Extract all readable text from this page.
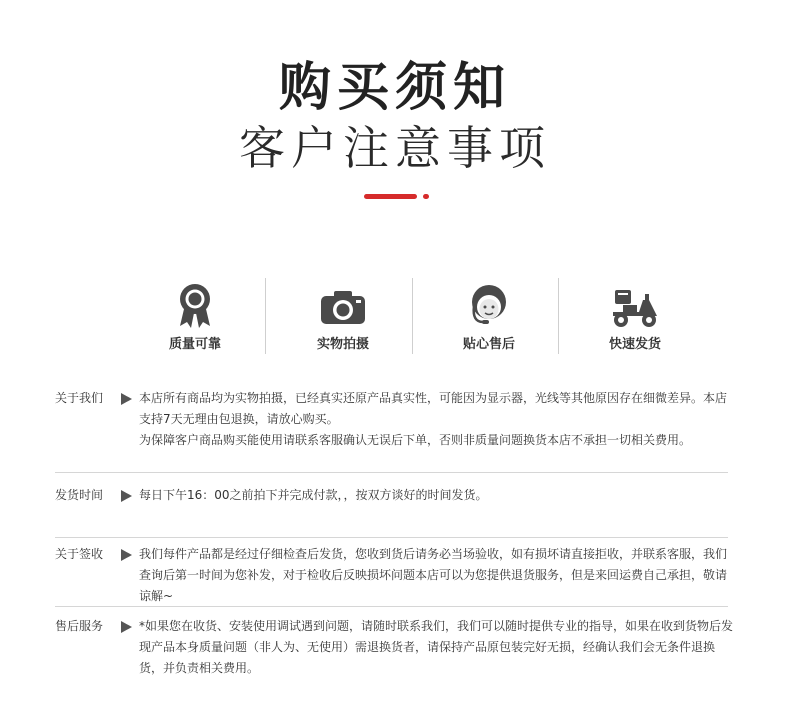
购买须知
客户注意事项
质量可靠	实物拍摄	贴心售后	快速发货
关于我们	本店所有商品均为实物拍摄，已经真实还原产品真实性，可能因为显示器，光线等其他原因存在细微差异。本店支持7天无理由包退换，请放心购买。

为保障客户商品购买能使用请联系客服确认无误后下单，否则非质量问题换货本店不承担一切相关费用。

发货时间	每日下午16：00之前拍下并完成付款，，按双方谈好的时间发货。

关于签收	我们每件产品都是经过仔细检查后发货，您收到货后请务必当场验收，如有损坏请直接拒收，并联系客服，我们查询后第一时间为您补发，对于检收后反映损坏问题本店可以为您提供退货服务，但是来回运费自己承担，敬请谅解~

售后服务	*如果您在收货、安装使用调试遇到问题，请随时联系我们，我们可以随时提供专业的指导，如果在收到货物后发现产品本身质量问题（非人为、无使用）需退换货者，请保持产品原包装完好无损，经确认我们会无条件退换货，并负责相关费用。
